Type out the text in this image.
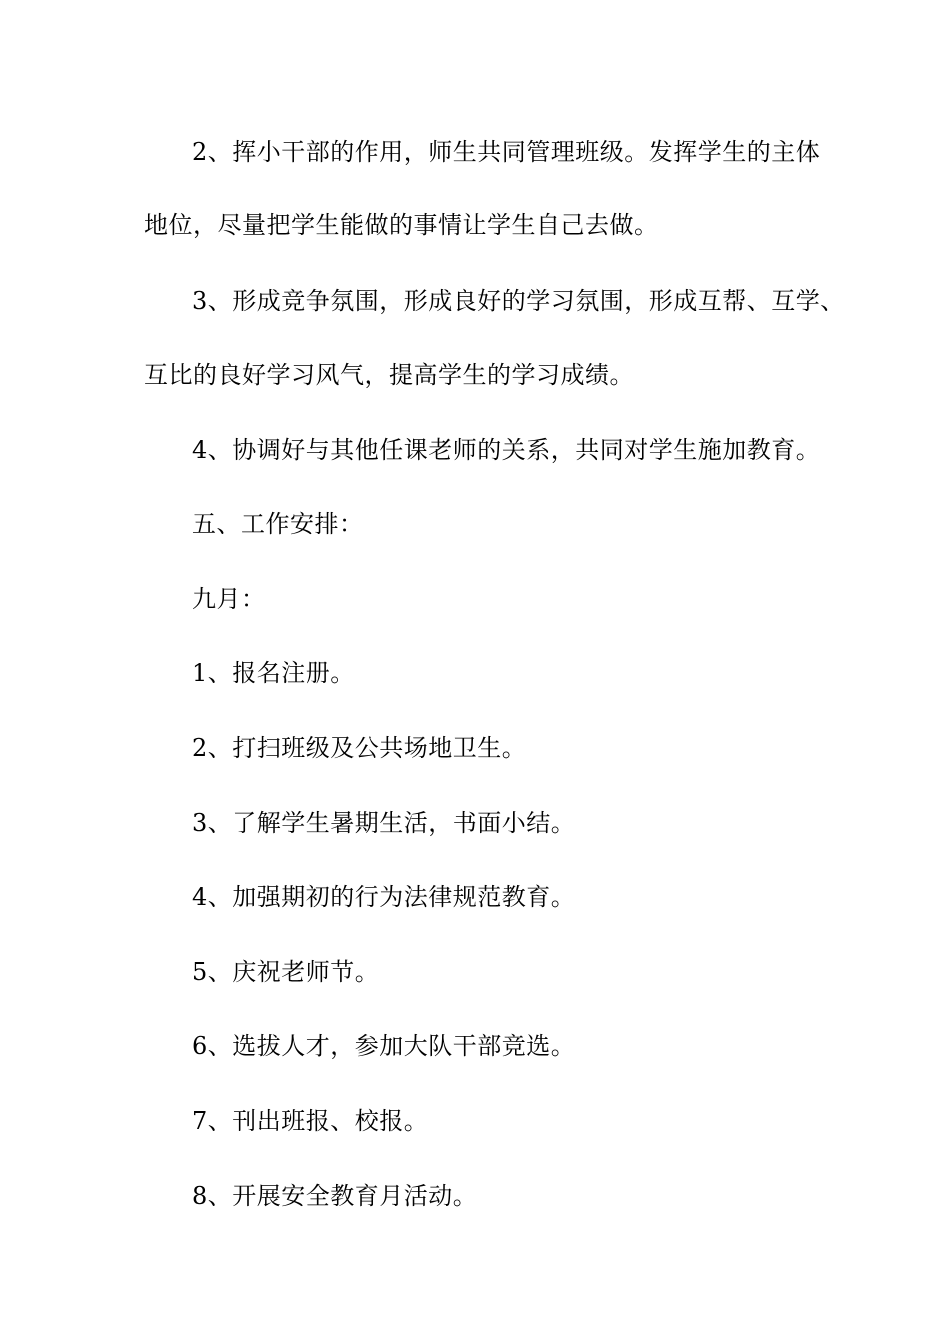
2、挥小干部的作用，师生共同管理班级。发挥学生的主体
地位，尽量把学生能做的事情让学生自己去做。
3、形成竞争氛围，形成良好的学习氛围，形成互帮、互学、
互比的良好学习风气，提高学生的学习成绩。
4、协调好与其他任课老师的关系，共同对学生施加教育。
五、工作安排：
九月：
1、报名注册。
2、打扫班级及公共场地卫生。
3、了解学生暑期生活，书面小结。
4、加强期初的行为法律规范教育。
5、庆祝老师节。
6、选拔人才，参加大队干部竞选。
7、刊出班报、校报。
8、开展安全教育月活动。
